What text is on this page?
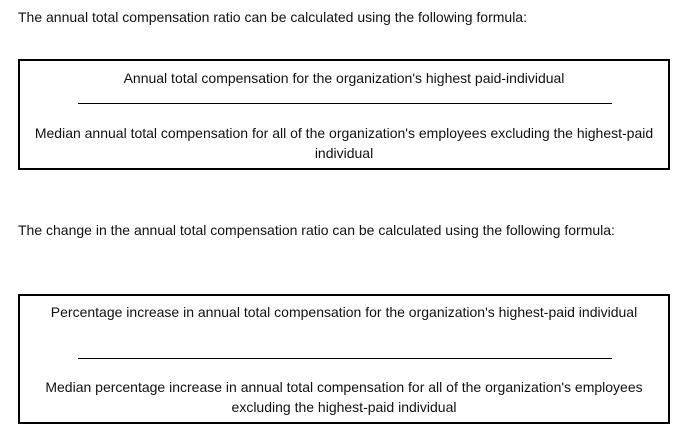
The annual total compensation ratio can be calculated using the following formula:
Annual total compensation for the organization's highest paid-individual
Median annual total compensation for all of the organization's employees excluding the highest-paid individual
The change in the annual total compensation ratio can be calculated using the following formula:
Percentage increase in annual total compensation for the organization's highest-paid individual
Median percentage increase in annual total compensation for all of the organization's employees excluding the highest-paid individual
